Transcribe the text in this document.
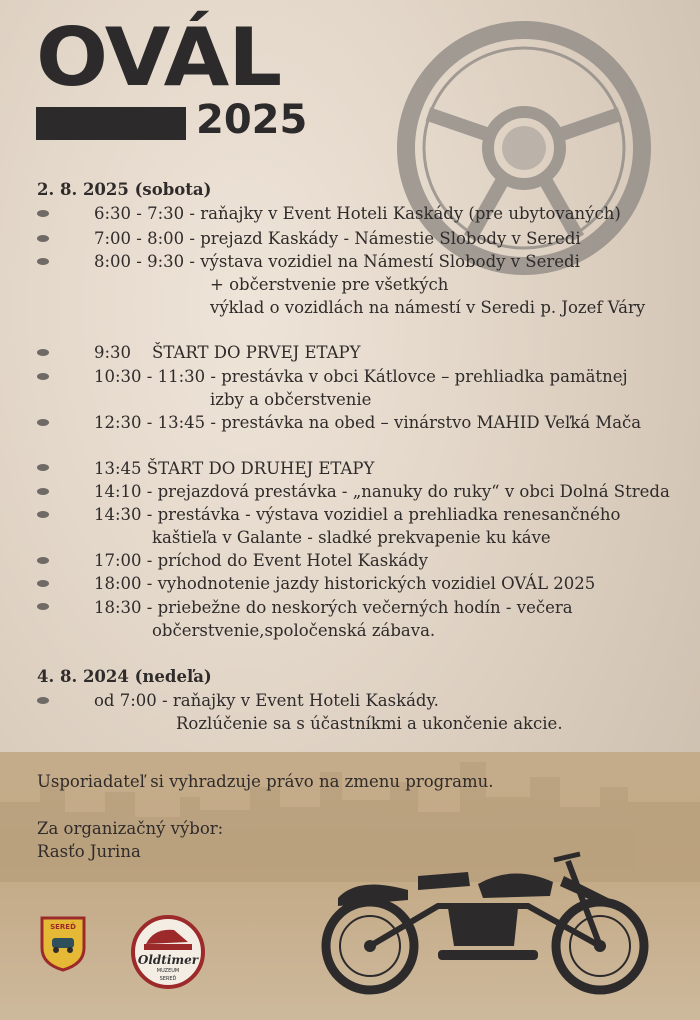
OVÁL
2025
2. 8. 2025 (sobota)
6:30 - 7:30 - raňajky v Event Hoteli Kaskády (pre ubytovaných)
7:00 - 8:00 - prejazd Kaskády - Námestie Slobody v Seredi
8:00 - 9:30 - výstava vozidiel na Námestí Slobody v Seredi
+ občerstvenie pre všetkých
výklad o vozidlách na námestí v Seredi p. Jozef Váry
9:30    ŠTART DO PRVEJ ETAPY
10:30 - 11:30 - prestávka v obci Kátlovce – prehliadka pamätnej
izby a občerstvenie
12:30 - 13:45 - prestávka na obed – vinárstvo MAHID Veľká Mača
13:45 ŠTART DO DRUHEJ ETAPY
14:10 - prejazdová prestávka - „nanuky do ruky“ v obci Dolná Streda
14:30 - prestávka - výstava vozidiel a prehliadka renesančného
kaštieľa v Galante - sladké prekvapenie ku káve
17:00 - príchod do Event Hotel Kaskády
18:00 - vyhodnotenie jazdy historických vozidiel OVÁL 2025
18:30 - priebežne do neskorých večerných hodín - večera
občerstvenie,spoločenská zábava.
4. 8. 2024 (nedeľa)
od 7:00 - raňajky v Event Hoteli Kaskády.
Rozlúčenie sa s účastníkmi a ukončenie akcie.
Usporiadateľ si vyhradzuje právo na zmenu programu.
Za organizačný výbor:
Rasťo Jurina
SEREĎ
Oldtimer
MUZEUM
SEREĎ
